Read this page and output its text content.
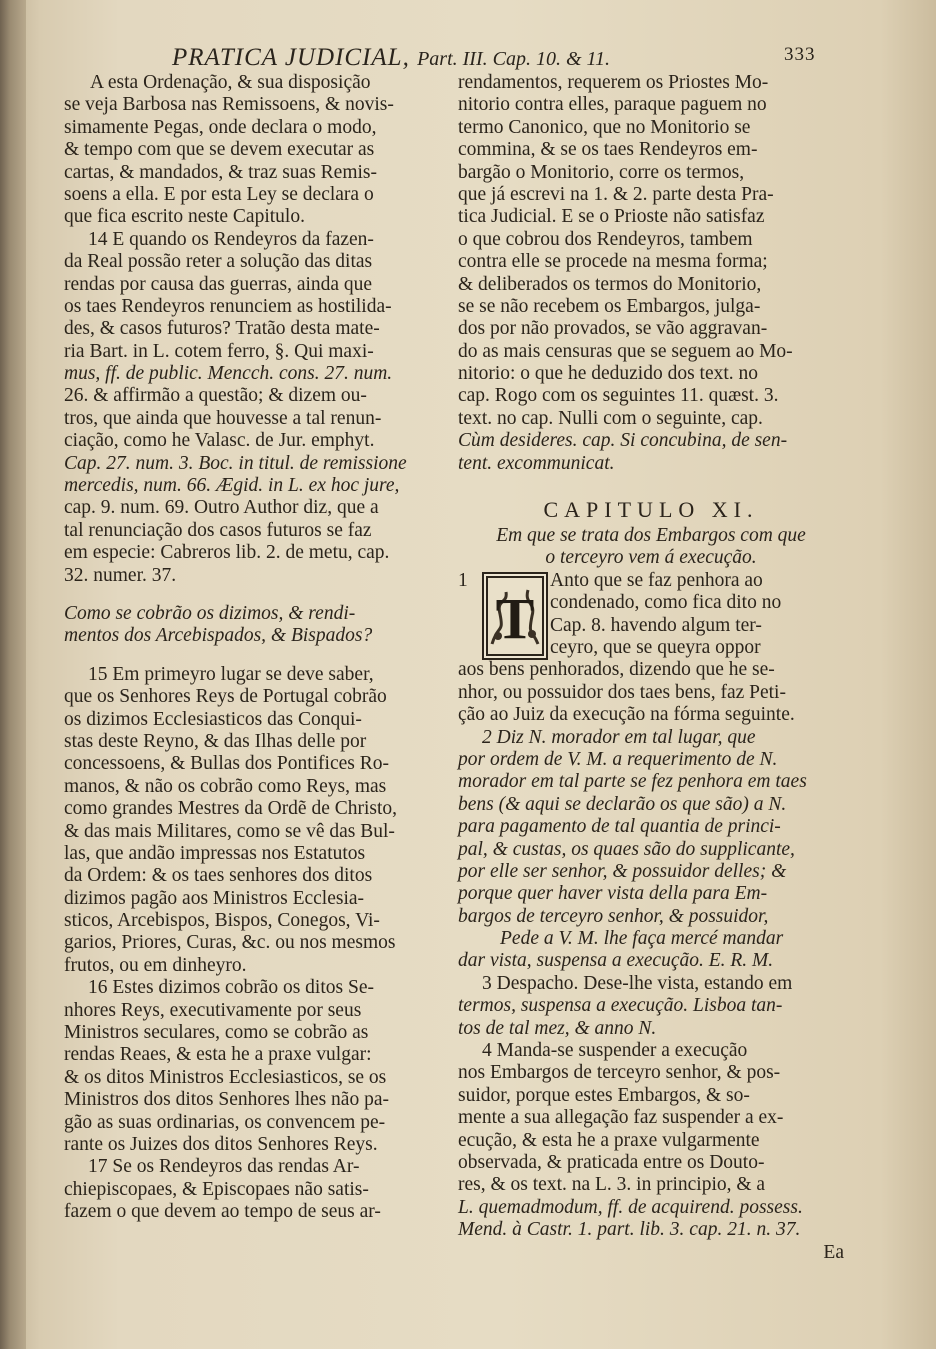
PRATICA JUDICIAL, Part. III. Cap. 10. & 11.	333
A esta Ordenação, & sua disposição
se veja Barbosa nas Remissoens, & novis-
simamente Pegas, onde declara o modo,
& tempo com que se devem executar as
cartas, & mandados, & traz suas Remis-
soens a ella. E por esta Ley se declara o
que fica escrito neste Capitulo.
14 E quando os Rendeyros da fazen-
da Real possão reter a solução das ditas
rendas por causa das guerras, ainda que
os taes Rendeyros renunciem as hostilida-
des, & casos futuros? Tratão desta mate-
ria Bart. in L. cotem ferro, §. Qui maxi-
mus, ff. de public. Mencch. cons. 27. num.
26. & affirmão a questão; & dizem ou-
tros, que ainda que houvesse a tal renun-
ciação, como he Valasc. de Jur. emphyt.
Cap. 27. num. 3. Boc. in titul. de remissione
mercedis, num. 66. Ægid. in L. ex hoc jure,
cap. 9. num. 69. Outro Author diz, que a
tal renunciação dos casos futuros se faz
em especie: Cabreros lib. 2. de metu, cap.
32. numer. 37.
Como se cobrão os dizimos, & rendi-
mentos dos Arcebispados, & Bispados?
15 Em primeyro lugar se deve saber,
que os Senhores Reys de Portugal cobrão
os dizimos Ecclesiasticos das Conqui-
stas deste Reyno, & das Ilhas delle por
concessoens, & Bullas dos Pontifices Ro-
manos, & não os cobrão como Reys, mas
como grandes Mestres da Ordẽ de Christo,
& das mais Militares, como se vê das Bul-
las, que andão impressas nos Estatutos
da Ordem: & os taes senhores dos ditos
dizimos pagão aos Ministros Ecclesia-
sticos, Arcebispos, Bispos, Conegos, Vi-
garios, Priores, Curas, &c. ou nos mesmos
frutos, ou em dinheyro.
16 Estes dizimos cobrão os ditos Se-
nhores Reys, executivamente por seus
Ministros seculares, como se cobrão as
rendas Reaes, & esta he a praxe vulgar:
& os ditos Ministros Ecclesiasticos, se os
Ministros dos ditos Senhores lhes não pa-
gão as suas ordinarias, os convencem pe-
rante os Juizes dos ditos Senhores Reys.
17 Se os Rendeyros das rendas Ar-
chiepiscopaes, & Episcopaes não satis-
fazem o que devem ao tempo de seus ar-
rendamentos, requerem os Priostes Mo-
nitorio contra elles, paraque paguem no
termo Canonico, que no Monitorio se
commina, & se os taes Rendeyros em-
bargão o Monitorio, corre os termos,
que já escrevi na 1. & 2. parte desta Pra-
tica Judicial. E se o Prioste não satisfaz
o que cobrou dos Rendeyros, tambem
contra elle se procede na mesma forma;
& deliberados os termos do Monitorio,
se se não recebem os Embargos, julga-
dos por não provados, se vão aggravan-
do as mais censuras que se seguem ao Mo-
nitorio: o que he deduzido dos text. no
cap. Rogo com os seguintes 11. quæst. 3.
text. no cap. Nulli com o seguinte, cap.
Cùm desideres. cap. Si concubina, de sen-
tent. excommunicat.
CAPITULO XI.
Em que se trata dos Embargos com que
o terceyro vem á execução.
1
T
Anto que se faz penhora ao
condenado, como fica dito no
Cap. 8. havendo algum ter-
ceyro, que se queyra oppor
aos bens penhorados, dizendo que he se-
nhor, ou possuidor dos taes bens, faz Peti-
ção ao Juiz da execução na fórma seguinte.
2 Diz N. morador em tal lugar, que
por ordem de V. M. a requerimento de N.
morador em tal parte se fez penhora em taes
bens (& aqui se declarão os que são) a N.
para pagamento de tal quantia de princi-
pal, & custas, os quaes são do supplicante,
por elle ser senhor, & possuidor delles; &
porque quer haver vista della para Em-
bargos de terceyro senhor, & possuidor,
Pede a V. M. lhe faça mercé mandar
dar vista, suspensa a execução. E. R. M.
3 Despacho. Dese-lhe vista, estando em
termos, suspensa a execução. Lisboa tan-
tos de tal mez, & anno N.
4 Manda-se suspender a execução
nos Embargos de terceyro senhor, & pos-
suidor, porque estes Embargos, & so-
mente a sua allegação faz suspender a ex-
ecução, & esta he a praxe vulgarmente
observada, & praticada entre os Douto-
res, & os text. na L. 3. in principio, & a
L. quemadmodum, ff. de acquirend. possess.
Mend. à Castr. 1. part. lib. 3. cap. 21. n. 37.
Ea
